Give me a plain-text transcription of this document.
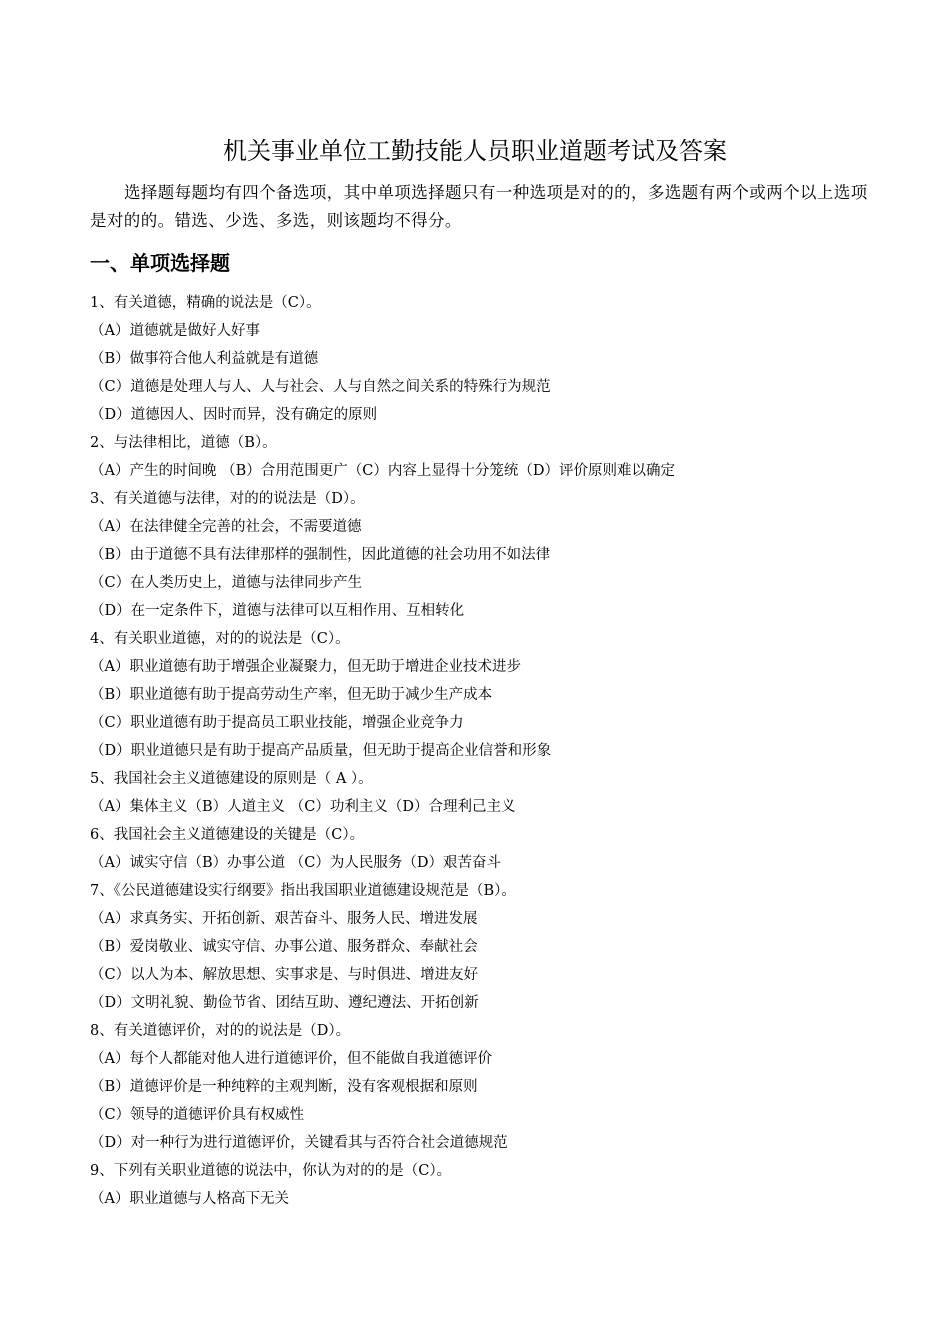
机关事业单位工勤技能人员职业道题考试及答案
选择题每题均有四个备选项，其中单项选择题只有一种选项是对的的，多选题有两个或两个以上选项是对的的。错选、少选、多选，则该题均不得分。
一、单项选择题
1、有关道德，精确的说法是（C）。
（A）道德就是做好人好事
（B）做事符合他人利益就是有道德
（C）道德是处理人与人、人与社会、人与自然之间关系的特殊行为规范
（D）道德因人、因时而异，没有确定的原则
2、与法律相比，道德（B）。
（A）产生的时间晚 （B）合用范围更广（C）内容上显得十分笼统（D）评价原则难以确定
3、有关道德与法律，对的的说法是（D）。
（A）在法律健全完善的社会，不需要道德
（B）由于道德不具有法律那样的强制性，因此道德的社会功用不如法律
（C）在人类历史上，道德与法律同步产生
（D）在一定条件下，道德与法律可以互相作用、互相转化
4、有关职业道德，对的的说法是（C）。
（A）职业道德有助于增强企业凝聚力，但无助于增进企业技术进步
（B）职业道德有助于提高劳动生产率，但无助于减少生产成本
（C）职业道德有助于提高员工职业技能，增强企业竞争力
（D）职业道德只是有助于提高产品质量，但无助于提高企业信誉和形象
5、我国社会主义道德建设的原则是（ A ）。
（A）集体主义（B）人道主义 （C）功利主义（D）合理利己主义
6、我国社会主义道德建设的关键是（C）。
（A）诚实守信（B）办事公道 （C）为人民服务（D）艰苦奋斗
7、《公民道德建设实行纲要》指出我国职业道德建设规范是（B）。
（A）求真务实、开拓创新、艰苦奋斗、服务人民、增进发展
（B）爱岗敬业、诚实守信、办事公道、服务群众、奉献社会
（C）以人为本、解放思想、实事求是、与时俱进、增进友好
（D）文明礼貌、勤俭节省、团结互助、遵纪遵法、开拓创新
8、有关道德评价，对的的说法是（D）。
（A）每个人都能对他人进行道德评价，但不能做自我道德评价
（B）道德评价是一种纯粹的主观判断，没有客观根据和原则
（C）领导的道德评价具有权威性
（D）对一种行为进行道德评价，关键看其与否符合社会道德规范
9、下列有关职业道德的说法中，你认为对的的是（C）。
（A）职业道德与人格高下无关
